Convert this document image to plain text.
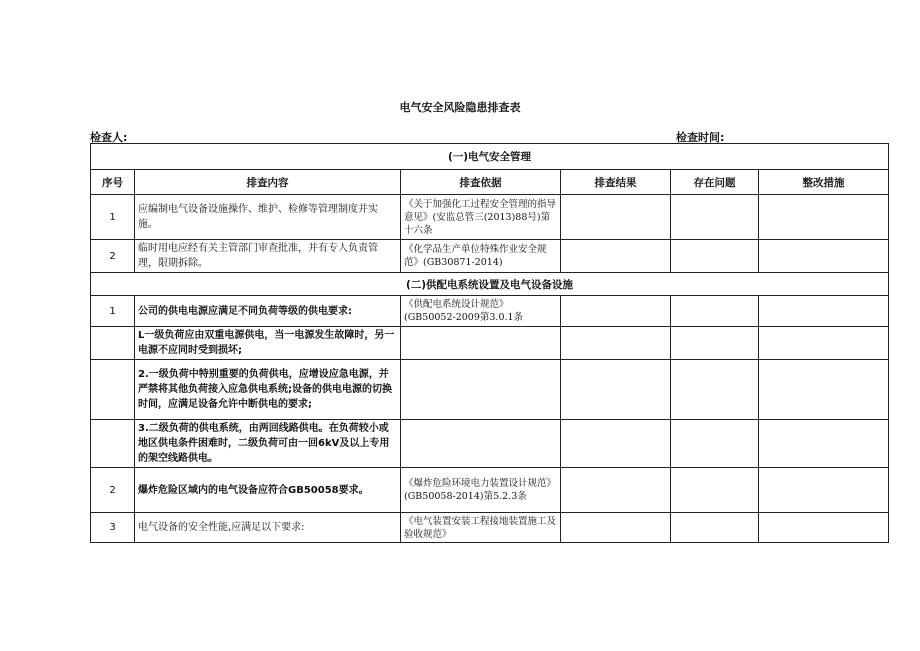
电气安全风险隐患排查表
检查人:	检查时间:
(一)电气安全管理					
序号	排查内容	排查依据	排查结果	存在问题	整改措施
1	应编制电气设备设施操作、维护、检修等管理制度并实施。	《关于加强化工过程安全管理的指导意见》(安监总管三(2013)88号)第十六条			
2	临时用电应经有关主管部门审查批准，并有专人负责管理，限期拆除。	《化学品生产单位特殊作业安全规范》(GB30871-2014)			
(二)供配电系统设置及电气设备设施					
1	公司的供电电源应满足不同负荷等级的供电要求:	《供配电系统设计规范》(GB50052-2009第3.0.1条			
	L一级负荷应由双重电源供电，当一电源发生故障时，另一电源不应同时受到损坏;				
	2.一级负荷中特别重要的负荷供电，应增设应急电源，并严禁将其他负荷接入应急供电系统;设备的供电电源的切换时间，应满足设备允许中断供电的要求;				
	3.二级负荷的供电系统，由两回线路供电。在负荷较小或地区供电条件困难时，二级负荷可由一回6kV及以上专用的架空线路供电。				
2	爆炸危险区域内的电气设备应符合GB50058要求。	《爆炸危险环境电力装置设计规范》(GB50058-2014)第5.2.3条			
3	电气设备的安全性能,应满足以下要求:	《电气装置安装工程接地装置施工及验收规范》			
